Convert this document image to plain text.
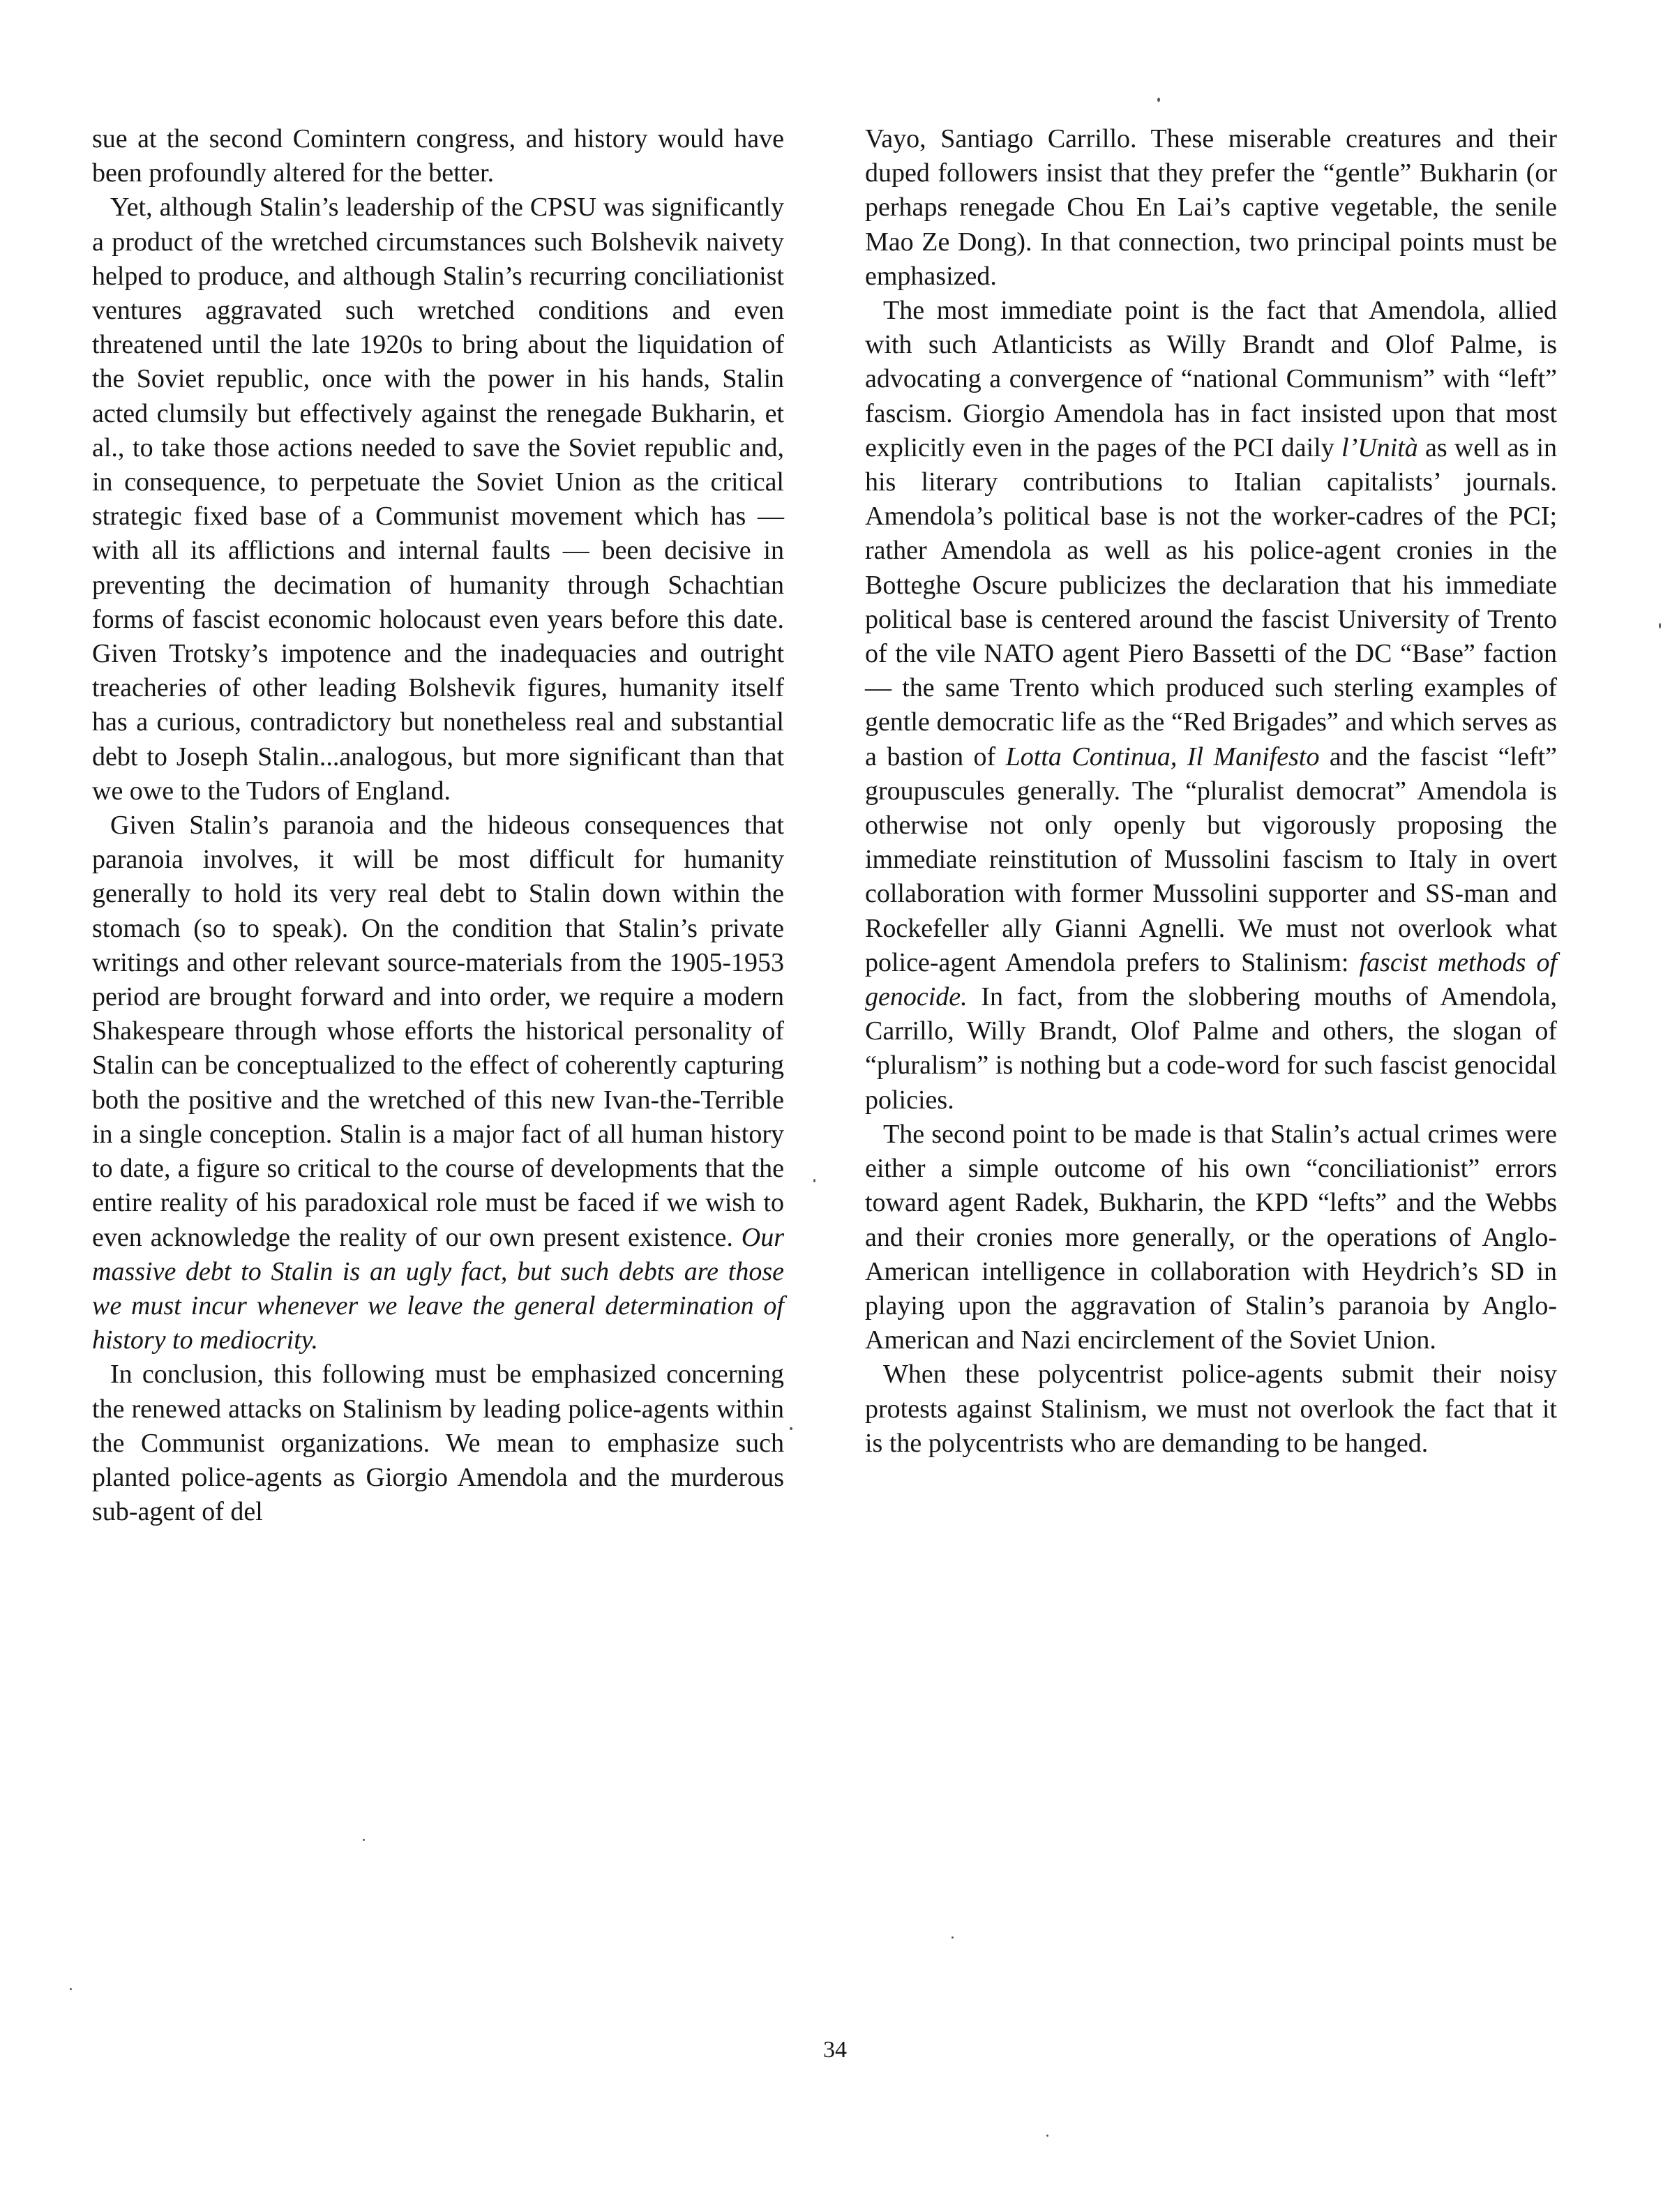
sue at the second Comintern congress, and history would have been profoundly altered for the better.

Yet, although Stalin’s leadership of the CPSU was significantly a product of the wretched circumstances such Bolshevik naivety helped to produce, and although Stalin’s recurring conciliationist ventures aggravated such wretched conditions and even threatened until the late 1920s to bring about the liquidation of the Soviet republic, once with the power in his hands, Stalin acted clumsily but effectively against the renegade Bukharin, et al., to take those actions needed to save the Soviet republic and, in consequence, to perpetuate the Soviet Union as the critical strategic fixed base of a Communist movement which has — with all its afflictions and internal faults — been decisive in preventing the decimation of humanity through Schachtian forms of fascist economic holocaust even years before this date. Given Trotsky’s impotence and the inadequacies and outright treacheries of other leading Bolshevik figures, humanity itself has a curious, contradictory but nonetheless real and substantial debt to Joseph Stalin...analogous, but more significant than that we owe to the Tudors of England.

Given Stalin’s paranoia and the hideous consequences that paranoia involves, it will be most difficult for humanity generally to hold its very real debt to Stalin down within the stomach (so to speak). On the condition that Stalin’s private writings and other relevant source-materials from the 1905-1953 period are brought forward and into order, we require a modern Shakespeare through whose efforts the historical personality of Stalin can be conceptualized to the effect of coherently capturing both the positive and the wretched of this new Ivan-the-Terrible in a single conception. Stalin is a major fact of all human history to date, a figure so critical to the course of developments that the entire reality of his paradoxical role must be faced if we wish to even acknowledge the reality of our own present existence. Our massive debt to Stalin is an ugly fact, but such debts are those we must incur whenever we leave the general determination of history to mediocrity.

In conclusion, this following must be emphasized concerning the renewed attacks on Stalinism by leading police-agents within the Communist organizations. We mean to emphasize such planted police-agents as Giorgio Amendola and the murderous sub-agent of del

Vayo, Santiago Carrillo. These miserable creatures and their duped followers insist that they prefer the “gentle” Bukharin (or perhaps renegade Chou En Lai’s captive vegetable, the senile Mao Ze Dong). In that connection, two principal points must be emphasized.

The most immediate point is the fact that Amendola, allied with such Atlanticists as Willy Brandt and Olof Palme, is advocating a convergence of “national Communism” with “left” fascism. Giorgio Amendola has in fact insisted upon that most explicitly even in the pages of the PCI daily l’Unità as well as in his literary contributions to Italian capitalists’ journals. Amendola’s political base is not the worker-cadres of the PCI; rather Amendola as well as his police-agent cronies in the Botteghe Oscure publicizes the declaration that his immediate political base is centered around the fascist University of Trento of the vile NATO agent Piero Bassetti of the DC “Base” faction — the same Trento which produced such sterling examples of gentle democratic life as the “Red Brigades” and which serves as a bastion of Lotta Continua, Il Manifesto and the fascist “left” groupuscules generally. The “pluralist democrat” Amendola is otherwise not only openly but vigorously proposing the immediate reinstitution of Mussolini fascism to Italy in overt collaboration with former Mussolini supporter and SS-man and Rockefeller ally Gianni Agnelli. We must not overlook what police-agent Amendola prefers to Stalinism: fascist methods of genocide. In fact, from the slobbering mouths of Amendola, Carrillo, Willy Brandt, Olof Palme and others, the slogan of “pluralism” is nothing but a code-word for such fascist genocidal policies.

The second point to be made is that Stalin’s actual crimes were either a simple outcome of his own “conciliationist” errors toward agent Radek, Bukharin, the KPD “lefts” and the Webbs and their cronies more generally, or the operations of Anglo-American intelligence in collaboration with Heydrich’s SD in playing upon the aggravation of Stalin’s paranoia by Anglo-American and Nazi encirclement of the Soviet Union.

When these polycentrist police-agents submit their noisy protests against Stalinism, we must not overlook the fact that it is the polycentrists who are demanding to be hanged.

34
